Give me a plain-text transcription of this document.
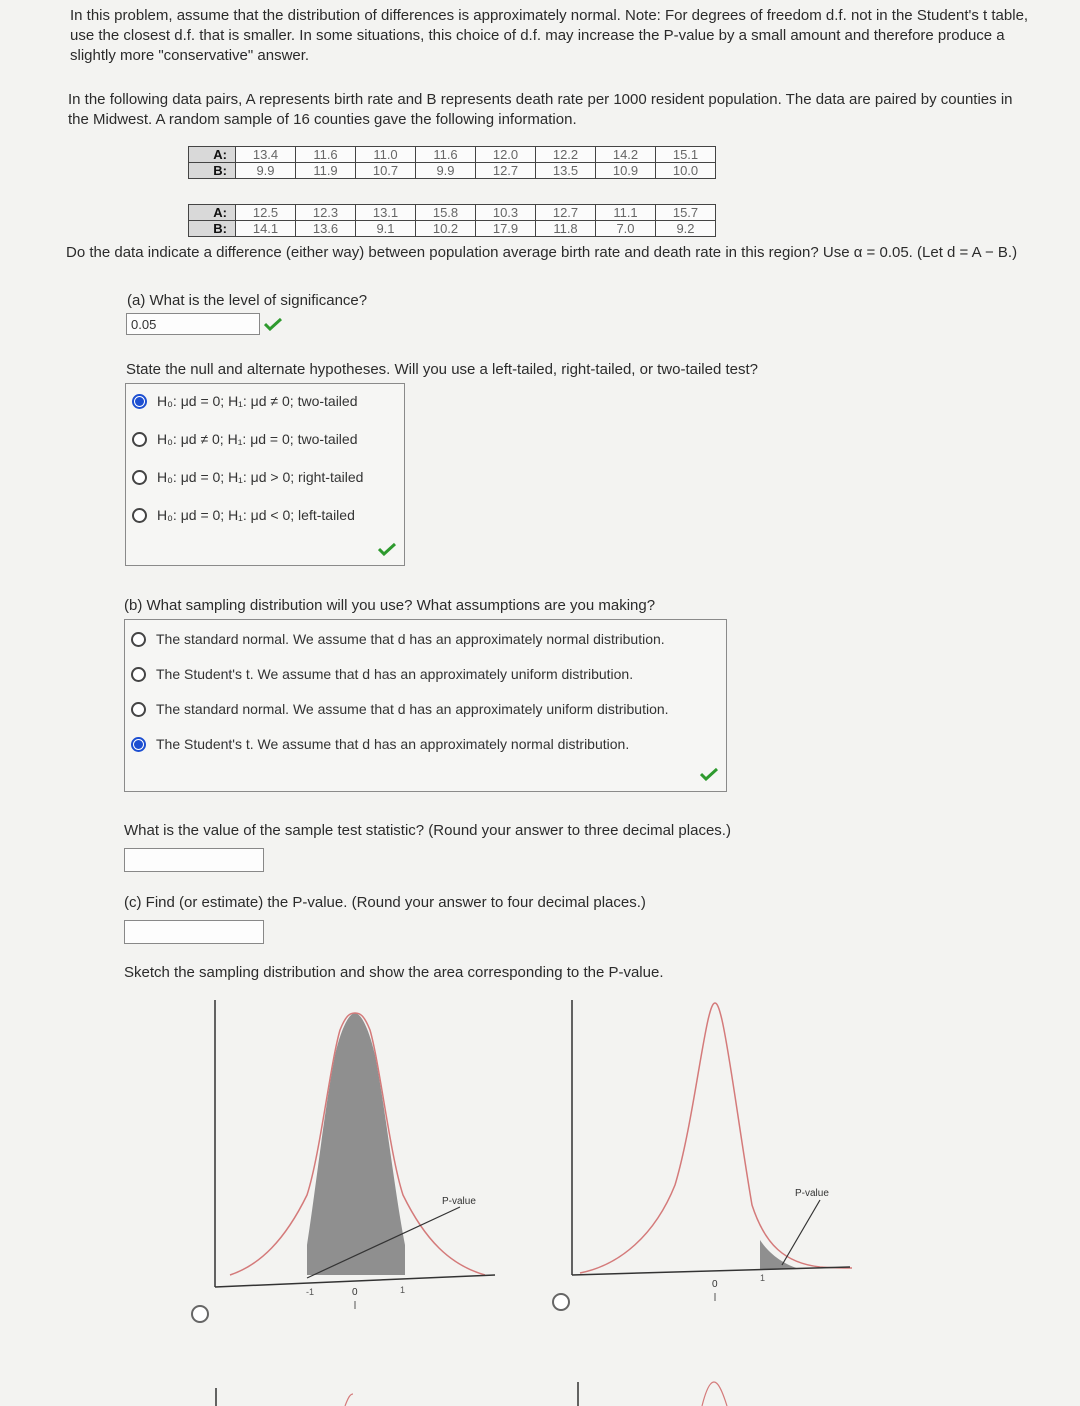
In this problem, assume that the distribution of differences is approximately normal. Note: For degrees of freedom d.f. not in the Student's t table, use the closest d.f. that is smaller. In some situations, this choice of d.f. may increase the P-value by a small amount and therefore produce a slightly more "conservative" answer.
In the following data pairs, A represents birth rate and B represents death rate per 1000 resident population. The data are paired by counties in the Midwest. A random sample of 16 counties gave the following information.
A:	13.4	11.6	11.0	11.6	12.0	12.2	14.2	15.1
B:	9.9	11.9	10.7	9.9	12.7	13.5	10.9	10.0
A:	12.5	12.3	13.1	15.8	10.3	12.7	11.1	15.7
B:	14.1	13.6	9.1	10.2	17.9	11.8	7.0	9.2
Do the data indicate a difference (either way) between population average birth rate and death rate in this region? Use α = 0.05. (Let d = A − B.)
(a) What is the level of significance?
0.05
State the null and alternate hypotheses. Will you use a left-tailed, right-tailed, or two-tailed test?
H₀: μd = 0; H₁: μd ≠ 0; two-tailed
H₀: μd ≠ 0; H₁: μd = 0; two-tailed
H₀: μd = 0; H₁: μd > 0; right-tailed
H₀: μd = 0; H₁: μd < 0; left-tailed
(b) What sampling distribution will you use? What assumptions are you making?
The standard normal. We assume that d has an approximately normal distribution.
The Student's t. We assume that d has an approximately uniform distribution.
The standard normal. We assume that d has an approximately uniform distribution.
The Student's t. We assume that d has an approximately normal distribution.
What is the value of the sample test statistic? (Round your answer to three decimal places.)
(c) Find (or estimate) the P-value. (Round your answer to four decimal places.)
Sketch the sampling distribution and show the area corresponding to the P-value.
P-value
-1	0	1
P-value
0
1
